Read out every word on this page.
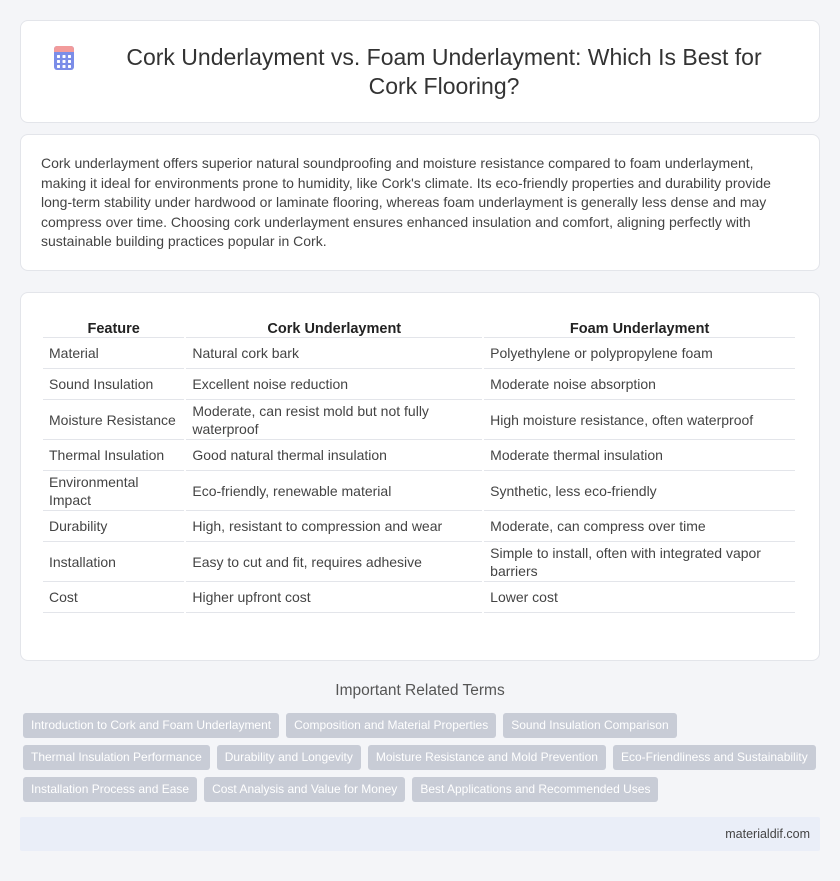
Cork Underlayment vs. Foam Underlayment: Which Is Best for Cork Flooring?

Cork underlayment offers superior natural soundproofing and moisture resistance compared to foam underlayment, making it ideal for environments prone to humidity, like Cork's climate. Its eco-friendly properties and durability provide long-term stability under hardwood or laminate flooring, whereas foam underlayment is generally less dense and may compress over time. Choosing cork underlayment ensures enhanced insulation and comfort, aligning perfectly with sustainable building practices popular in Cork.

Feature	Cork Underlayment	Foam Underlayment
Material	Natural cork bark	Polyethylene or polypropylene foam
Sound Insulation	Excellent noise reduction	Moderate noise absorption
Moisture Resistance	Moderate, can resist mold but not fully waterproof	High moisture resistance, often waterproof
Thermal Insulation	Good natural thermal insulation	Moderate thermal insulation
Environmental Impact	Eco-friendly, renewable material	Synthetic, less eco-friendly
Durability	High, resistant to compression and wear	Moderate, can compress over time
Installation	Easy to cut and fit, requires adhesive	Simple to install, often with integrated vapor barriers
Cost	Higher upfront cost	Lower cost
Important Related Terms
Introduction to Cork and Foam Underlayment	Composition and Material Properties	Sound Insulation Comparison
Thermal Insulation Performance	Durability and Longevity	Moisture Resistance and Mold Prevention	Eco-Friendliness and Sustainability
Installation Process and Ease	Cost Analysis and Value for Money	Best Applications and Recommended Uses
materialdif.com
